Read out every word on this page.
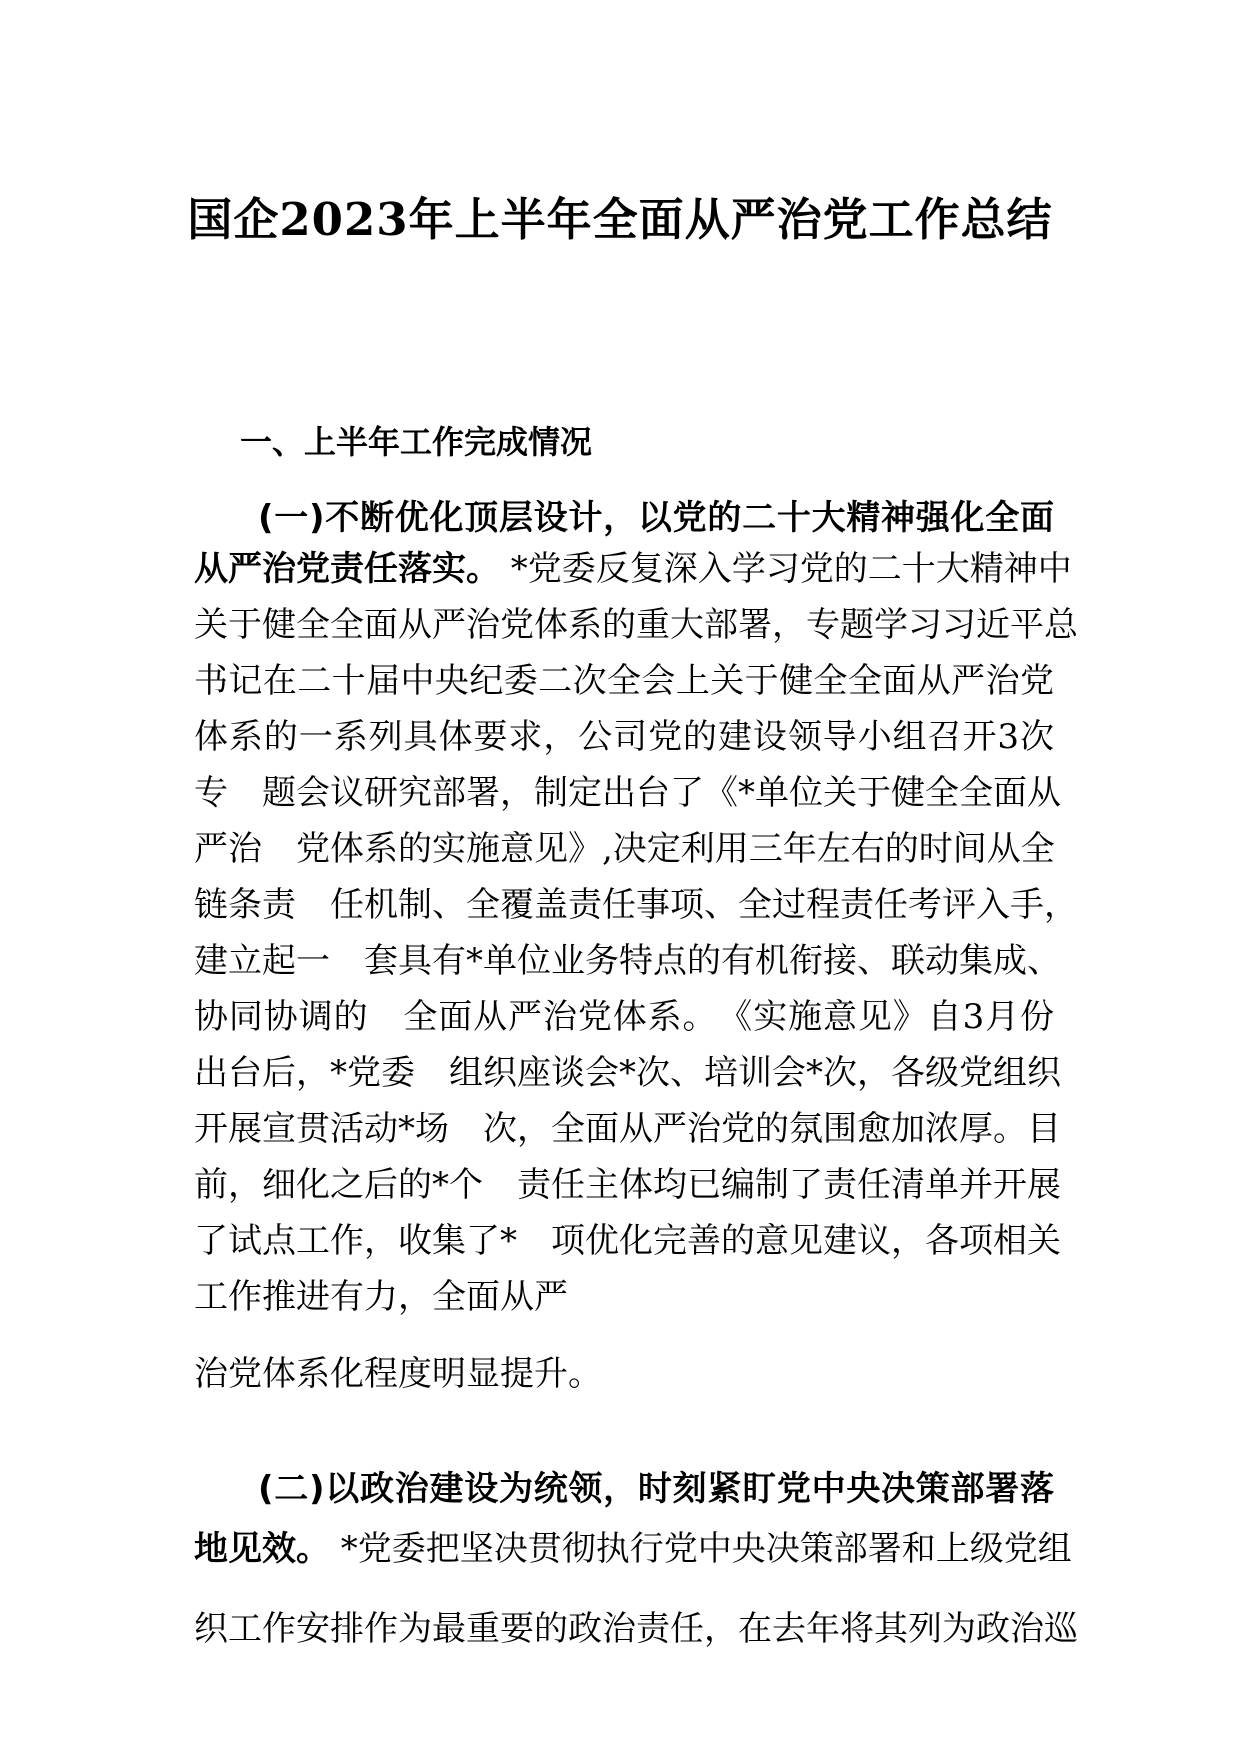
国企2023年上半年全面从严治党工作总结
一、上半年工作完成情况
(一)不断优化顶层设计，以党的二十大精神强化全面
从严治党责任落实。 *党委反复深入学习党的二十大精神中
关于健全全面从严治党体系的重大部署，专题学习习近平总
书记在二十届中央纪委二次全会上关于健全全面从严治党
体系的一系列具体要求，公司党的建设领导小组召开3次
专　题会议研究部署，制定出台了《*单位关于健全全面从
严治　党体系的实施意见》,决定利用三年左右的时间从全
链条责　任机制、全覆盖责任事项、全过程责任考评入手，
建立起一　套具有*单位业务特点的有机衔接、联动集成、
协同协调的　全面从严治党体系。　《实施意见》自3月份
出台后，*党委　组织座谈会*次、培训会*次，各级党组织
开展宣贯活动*场　次，全面从严治党的氛围愈加浓厚。目
前，细化之后的*个　责任主体均已编制了责任清单并开展
了试点工作，收集了*　项优化完善的意见建议，各项相关
工作推进有力，全面从严
治党体系化程度明显提升。
(二)以政治建设为统领，时刻紧盯党中央决策部署落
地见效。 *党委把坚决贯彻执行党中央决策部署和上级党组
织工作安排作为最重要的政治责任，在去年将其列为政治巡
